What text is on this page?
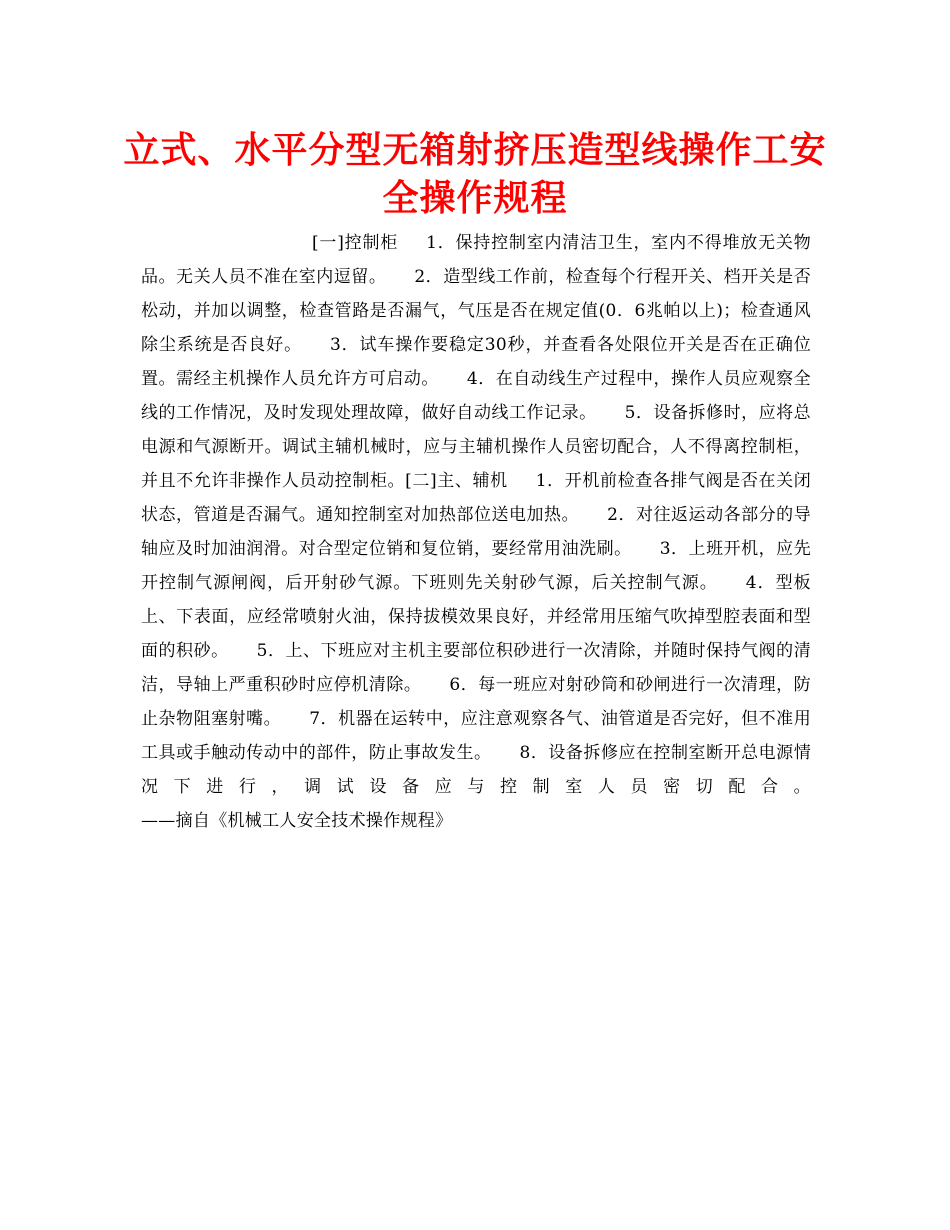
立式、水平分型无箱射挤压造型线操作工安全操作规程

[一]控制柜 1．保持控制室内清洁卫生，室内不得堆放无关物品。无关人员不准在室内逗留。 2．造型线工作前，检查每个行程开关、档开关是否松动，并加以调整，检查管路是否漏气，气压是否在规定值(0．6兆帕以上)；检查通风除尘系统是否良好。 3．试车操作要稳定30秒，并查看各处限位开关是否在正确位置。需经主机操作人员允许方可启动。 4．在自动线生产过程中，操作人员应观察全线的工作情况，及时发现处理故障，做好自动线工作记录。 5．设备拆修时，应将总电源和气源断开。调试主辅机械时，应与主辅机操作人员密切配合，人不得离控制柜，并且不允许非操作人员动控制柜。[二]主、辅机 1．开机前检查各排气阀是否在关闭状态，管道是否漏气。通知控制室对加热部位送电加热。 2．对往返运动各部分的导轴应及时加油润滑。对合型定位销和复位销，要经常用油洗刷。 3．上班开机，应先开控制气源闸阀，后开射砂气源。下班则先关射砂气源，后关控制气源。 4．型板上、下表面，应经常喷射火油，保持拔模效果良好，并经常用压缩气吹掉型腔表面和型面的积砂。 5．上、下班应对主机主要部位积砂进行一次清除，并随时保持气阀的清洁，导轴上严重积砂时应停机清除。 6．每一班应对射砂筒和砂闸进行一次清理，防止杂物阻塞射嘴。 7．机器在运转中，应注意观察各气、油管道是否完好，但不准用工具或手触动传动中的部件，防止事故发生。 8．设备拆修应在控制室断开总电源情况下进行，调试设备应与控制室人员密切配合。——摘自《机械工人安全技术操作规程》
